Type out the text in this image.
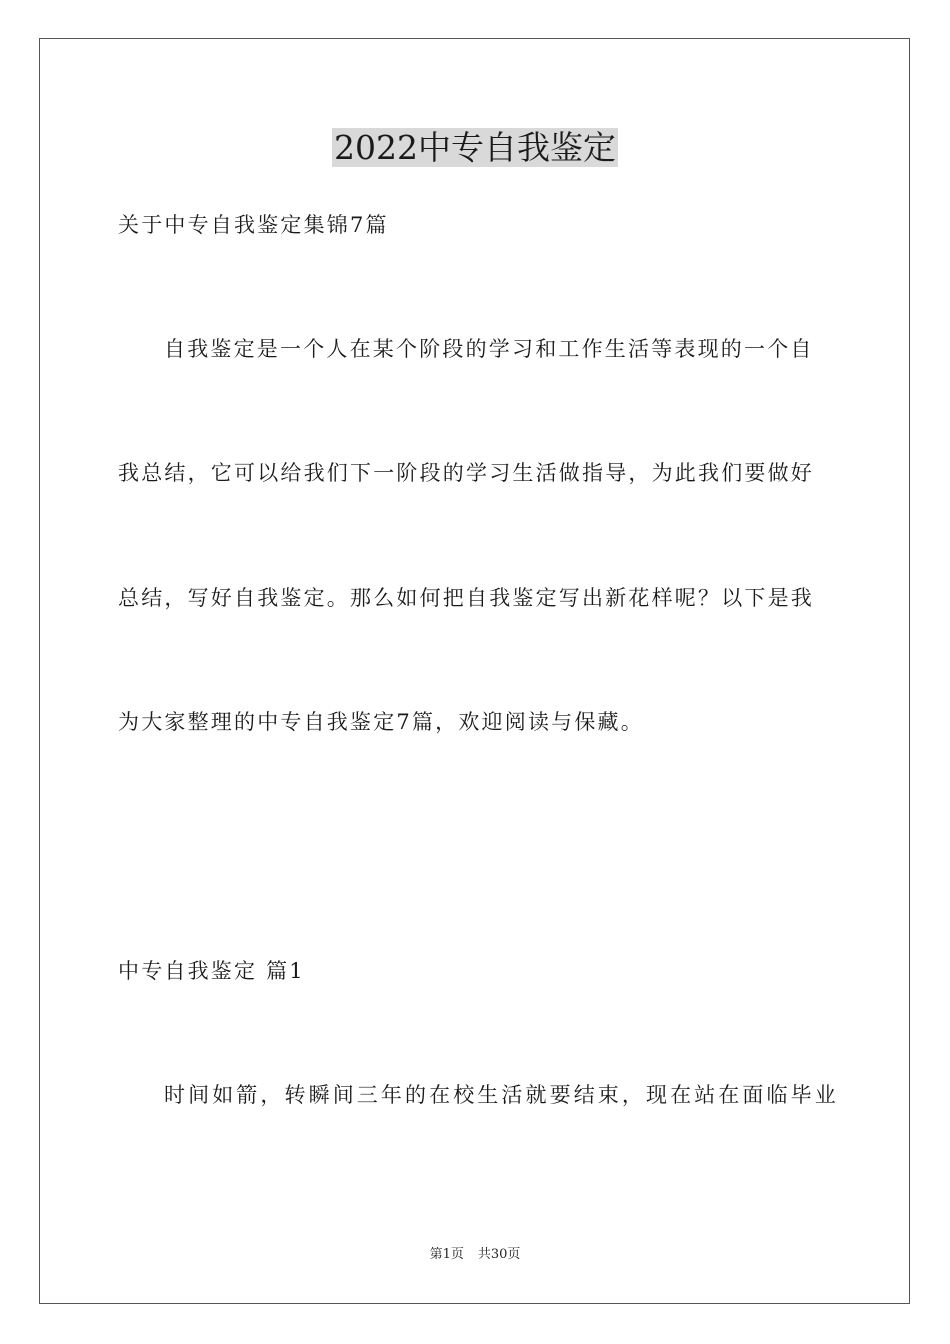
2022中专自我鉴定

关于中专自我鉴定集锦7篇

自我鉴定是一个人在某个阶段的学习和工作生活等表现的一个自

我总结，它可以给我们下一阶段的学习生活做指导，为此我们要做好

总结，写好自我鉴定。那么如何把自我鉴定写出新花样呢？以下是我

为大家整理的中专自我鉴定7篇，欢迎阅读与保藏。

中专自我鉴定 篇1

时间如箭，转瞬间三年的在校生活就要结束，现在站在面临毕业

第1页 共30页
